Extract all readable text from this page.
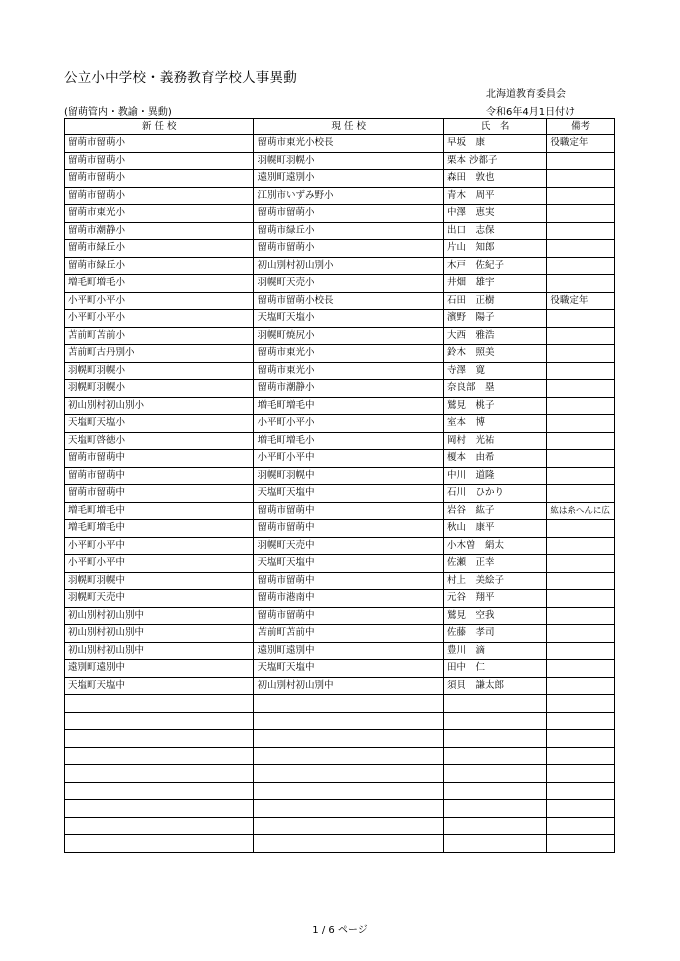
公立小中学校・義務教育学校人事異動
北海道教育委員会
(留萌管内・教諭・異動)	令和6年4月1日付け
新 任 校	現 任 校	氏　名	備考
留萌市留萌小	留萌市東光小校長	早坂　康	役職定年
留萌市留萌小	羽幌町羽幌小	栗本 沙都子	
留萌市留萌小	遠別町遠別小	森田　敦也	
留萌市留萌小	江別市いずみ野小	青木　周平	
留萌市東光小	留萌市留萌小	中澤　恵実	
留萌市潮静小	留萌市緑丘小	出口　志保	
留萌市緑丘小	留萌市留萌小	片山　知郎	
留萌市緑丘小	初山別村初山別小	木戸　佐紀子	
増毛町増毛小	羽幌町天売小	井畑　雄宇	
小平町小平小	留萌市留萌小校長	石田　正樹	役職定年
小平町小平小	天塩町天塩小	濱野　陽子	
苫前町苫前小	羽幌町焼尻小	大西　雅浩	
苫前町古丹別小	留萌市東光小	鈴木　照美	
羽幌町羽幌小	留萌市東光小	寺澤　寛	
羽幌町羽幌小	留萌市潮静小	奈良部　塁	
初山別村初山別小	増毛町増毛中	鷲見　桃子	
天塩町天塩小	小平町小平小	室本　博	
天塩町啓徳小	増毛町増毛小	岡村　光祐	
留萌市留萌中	小平町小平中	榎本　由希	
留萌市留萌中	羽幌町羽幌中	中川　道隆	
留萌市留萌中	天塩町天塩中	石川　ひかり	
増毛町増毛中	留萌市留萌中	岩谷　紘子	紘は糸へんに広
増毛町増毛中	留萌市留萌中	秋山　康平	
小平町小平中	羽幌町天売中	小木曽　絹太	
小平町小平中	天塩町天塩中	佐瀬　正幸	
羽幌町羽幌中	留萌市留萌中	村上　美絵子	
羽幌町天売中	留萌市港南中	元谷　翔平	
初山別村初山別中	留萌市留萌中	鷲見　空我	
初山別村初山別中	苫前町苫前中	佐藤　孝司	
初山別村初山別中	遠別町遠別中	豊川　滴	
遠別町遠別中	天塩町天塩中	田中　仁	
天塩町天塩中	初山別村初山別中	須貝　謙太郎	

1 / 6 ページ
